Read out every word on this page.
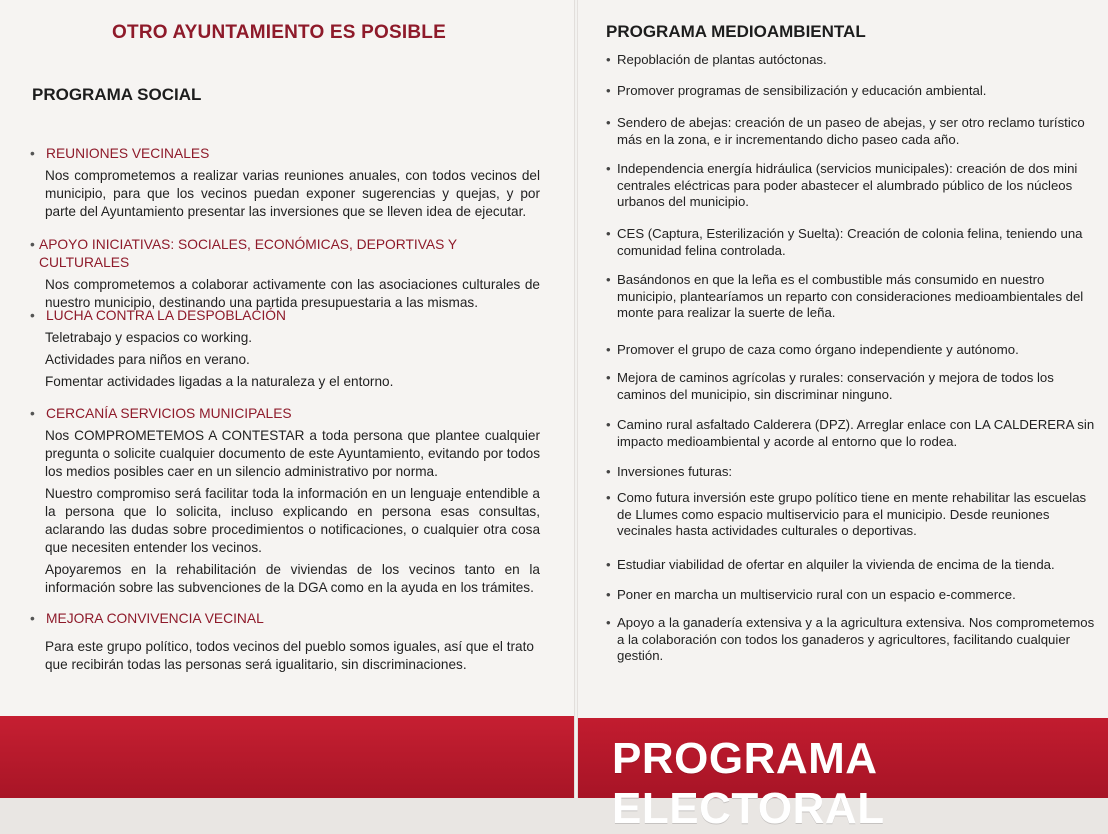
OTRO AYUNTAMIENTO ES POSIBLE
PROGRAMA SOCIAL
• REUNIONES VECINALES

Nos comprometemos a realizar varias reuniones anuales, con todos vecinos del municipio, para que los vecinos puedan exponer sugerencias y quejas, y por parte del Ayuntamiento presentar las inversiones que se lleven idea de ejecutar.

• APOYO INICIATIVAS: SOCIALES, ECONÓMICAS, DEPORTIVAS Y CULTURALES

Nos comprometemos a colaborar activamente con las asociaciones culturales de nuestro municipio, destinando una partida presupuestaria a las mismas.

• LUCHA CONTRA LA DESPOBLACIÓN

Teletrabajo y espacios co working.

Actividades para niños en verano.

Fomentar actividades ligadas a la naturaleza y el entorno.

• CERCANÍA SERVICIOS MUNICIPALES

Nos COMPROMETEMOS A CONTESTAR a toda persona que plantee cualquier pregunta o solicite cualquier documento de este Ayuntamiento, evitando por todos los medios posibles caer en un silencio administrativo por norma.

Nuestro compromiso será facilitar toda la información en un lenguaje entendible a la persona que lo solicita, incluso explicando en persona esas consultas, aclarando las dudas sobre procedimientos o notificaciones, o cualquier otra cosa que necesiten entender los vecinos.

Apoyaremos en la rehabilitación de viviendas de los vecinos tanto en la información sobre las subvenciones de la DGA como en la ayuda en los trámites.

• MEJORA CONVIVENCIA VECINAL

Para este grupo político, todos vecinos del pueblo somos iguales, así que el trato que recibirán todas las personas será igualitario, sin discriminaciones.

PROGRAMA MEDIOAMBIENTAL
• Repoblación de plantas autóctonas.
• Promover programas de sensibilización y educación ambiental.
• Sendero de abejas: creación de un paseo de abejas, y ser otro reclamo turístico más en la zona, e ir incrementando dicho paseo cada año.
• Independencia energía hidráulica (servicios municipales): creación de dos mini centrales eléctricas para poder abastecer el alumbrado público de los núcleos urbanos del municipio.
• CES (Captura, Esterilización y Suelta): Creación de colonia felina, teniendo una comunidad felina controlada.
• Basándonos en que la leña es el combustible más consumido en nuestro municipio, plantearíamos un reparto con consideraciones medioambientales del monte para realizar la suerte de leña.
• Promover el grupo de caza como órgano independiente y autónomo.
• Mejora de caminos agrícolas y rurales: conservación y mejora de todos los caminos del municipio, sin discriminar ninguno.
• Camino rural asfaltado Calderera (DPZ). Arreglar enlace con LA CALDERERA sin impacto medioambiental y acorde al entorno que lo rodea.
• Inversiones futuras:
• Como futura inversión este grupo político tiene en mente rehabilitar las escuelas de Llumes como espacio multiservicio para el municipio. Desde reuniones vecinales hasta actividades culturales o deportivas.
• Estudiar viabilidad de ofertar en alquiler la vivienda de encima de la tienda.
• Poner en marcha un multiservicio rural con un espacio e-commerce.
• Apoyo a la ganadería extensiva y a la agricultura extensiva. Nos comprometemos a la colaboración con todos los ganaderos y agricultores, facilitando cualquier gestión.
PROGRAMA ELECTORAL
